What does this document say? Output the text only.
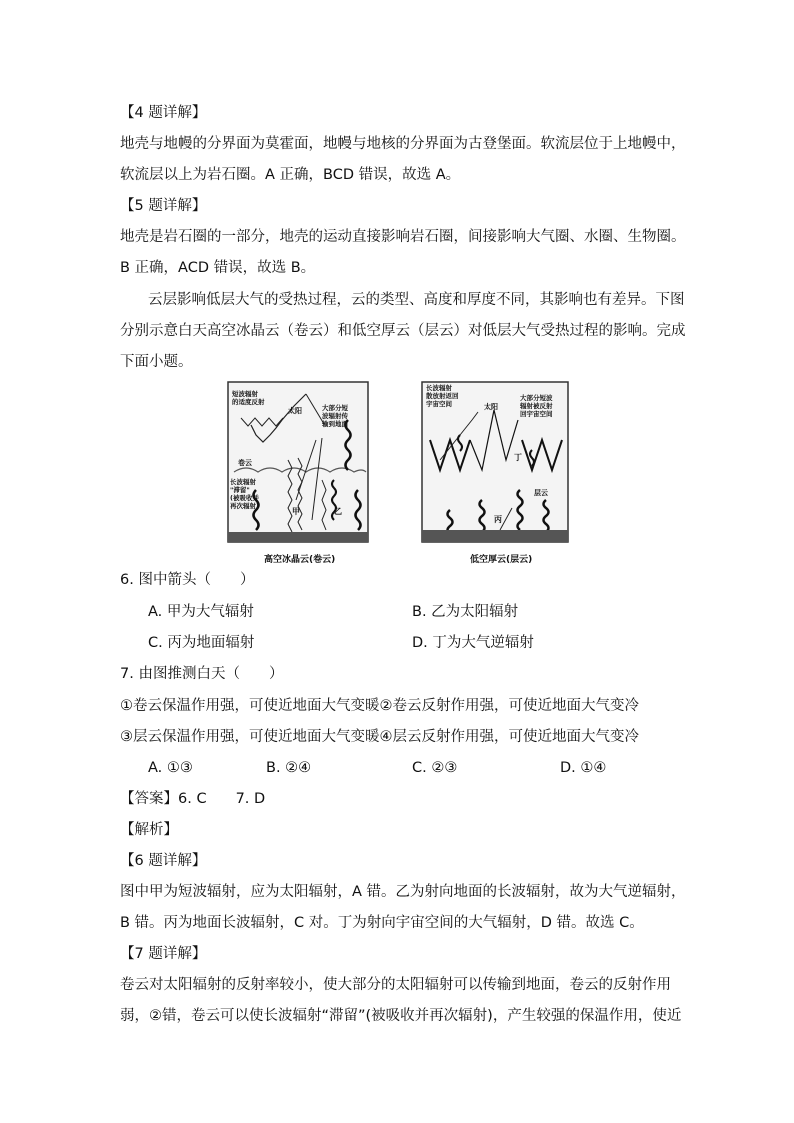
【4 题详解】
地壳与地幔的分界面为莫霍面，地幔与地核的分界面为古登堡面。软流层位于上地幔中，
软流层以上为岩石圈。A 正确，BCD 错误，故选 A。
【5 题详解】
地壳是岩石圈的一部分，地壳的运动直接影响岩石圈，间接影响大气圈、水圈、生物圈。
B 正确，ACD 错误，故选 B。
云层影响低层大气的受热过程，云的类型、高度和厚度不同，其影响也有差异。下图
分别示意白天高空冰晶云（卷云）和低空厚云（层云）对低层大气受热过程的影响。完成
下面小题。
短波辐射
的适度反射
太阳	大部分短
波辐射传
输到地面
卷云
长波辐射
"滞留"
(被吸收并
再次辐射)
甲	乙
高空冰晶云(卷云)
长波辐射
散放射返回
宇宙空间	太阳
大部分短波
辐射被反射
回宇宙空间
丁
层云
丙
低空厚云(层云)
6. 图中箭头（　　）
A. 甲为大气辐射	B. 乙为太阳辐射
C. 丙为地面辐射	D. 丁为大气逆辐射
7. 由图推测白天（　　）
①卷云保温作用强，可使近地面大气变暖②卷云反射作用强，可使近地面大气变冷
③层云保温作用强，可使近地面大气变暖④层云反射作用强，可使近地面大气变冷
A. ①③	B. ②④	C. ②③	D. ①④
【答案】6. C　　7. D
【解析】
【6 题详解】
图中甲为短波辐射，应为太阳辐射，A 错。乙为射向地面的长波辐射，故为大气逆辐射，
B 错。丙为地面长波辐射，C 对。丁为射向宇宙空间的大气辐射，D 错。故选 C。
【7 题详解】
卷云对太阳辐射的反射率较小，使大部分的太阳辐射可以传输到地面，卷云的反射作用
弱，②错，卷云可以使长波辐射“滞留”(被吸收并再次辐射)，产生较强的保温作用，使近
